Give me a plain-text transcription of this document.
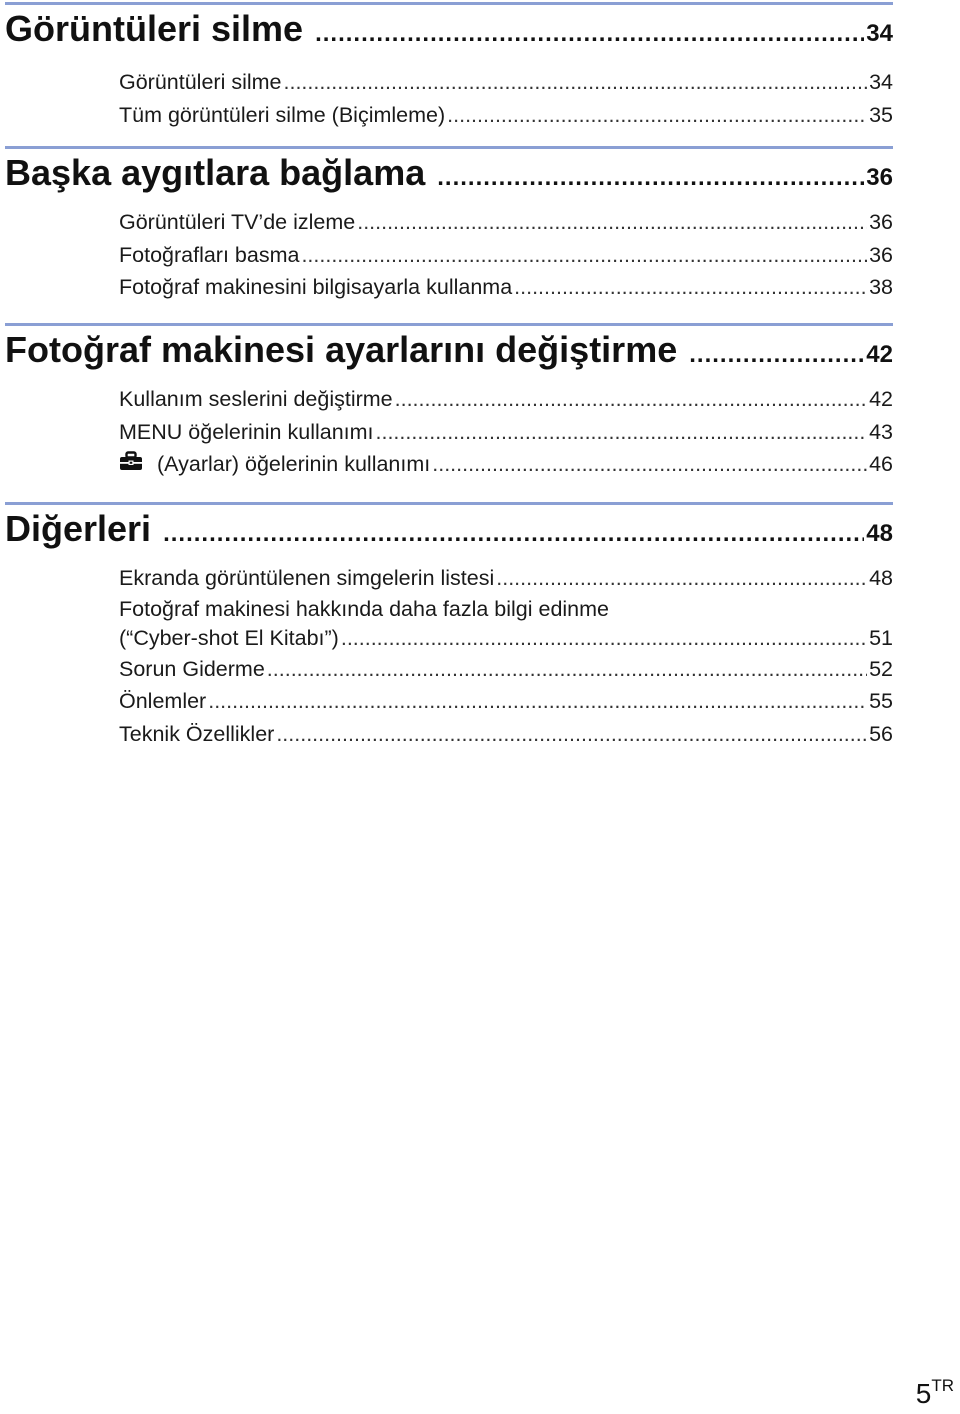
Görüntüleri silme .....	34
Görüntüleri silme .....	34
Tüm görüntüleri silme (Biçimleme) .....	35
Başka aygıtlara bağlama .....	36
Görüntüleri TV’de izleme .....	36
Fotoğrafları basma .....	36
Fotoğraf makinesini bilgisayarla kullanma .....	38
Fotoğraf makinesi ayarlarını değiştirme .....	42
Kullanım seslerini değiştirme .....	42
MENU öğelerinin kullanımı .....	43
(Ayarlar) öğelerinin kullanımı .....	46
Diğerleri .....	48
Ekranda görüntülenen simgelerin listesi .....	48
Fotoğraf makinesi hakkında daha fazla bilgi edinme
(“Cyber-shot El Kitabı”) .....	51
Sorun Giderme .....	52
Önlemler .....	55
Teknik Özellikler .....	56
$5^{TR}$
